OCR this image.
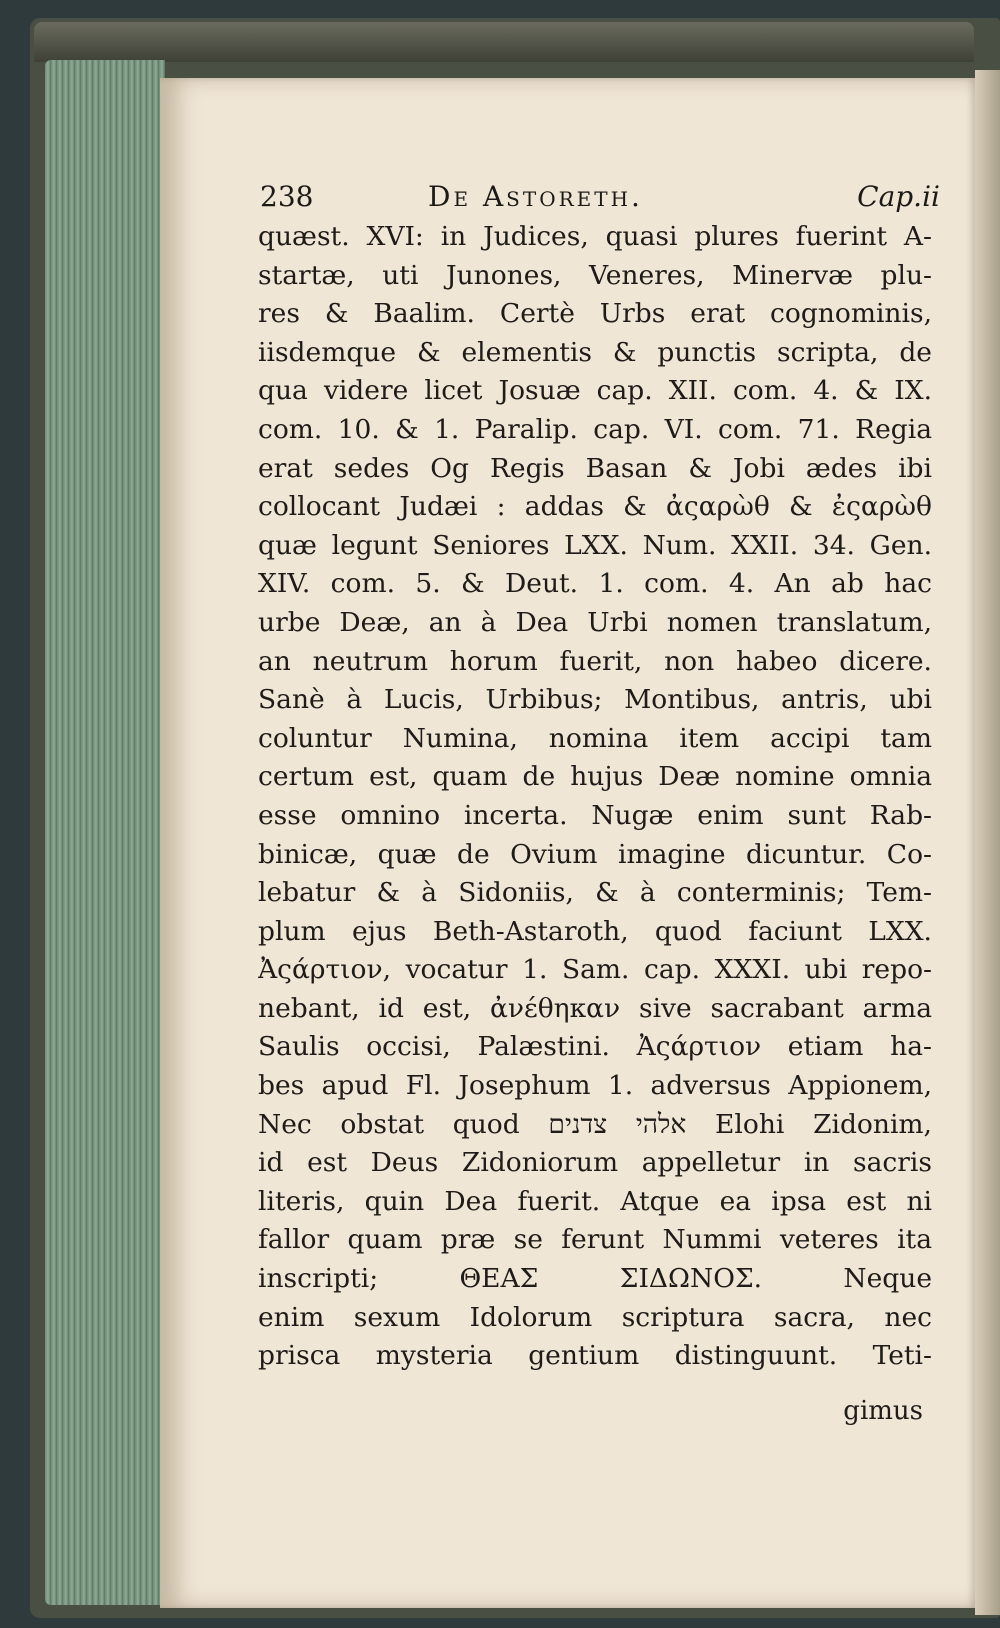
238	De Astoreth.	Cap.ii
quæst. XVI: in Judices, quasi plures fuerint A-
startæ, uti Junones, Veneres, Minervæ plu-
res & Baalim. Certè Urbs erat cognominis,
iisdemque & elementis & punctis scripta, de
qua videre licet Josuæ cap. XII. com. 4. & IX.
com. 10. & 1. Paralip. cap. VI. com. 71. Regia
erat sedes Og Regis Basan & Jobi ædes ibi
collocant Judæi : addas & ἀςαρὼθ & ἐςαρὼθ
quæ legunt Seniores LXX. Num. XXII. 34. Gen.
XIV. com. 5. & Deut. 1. com. 4. An ab hac
urbe Deæ, an à Dea Urbi nomen translatum,
an neutrum horum fuerit, non habeo dicere.
Sanè à Lucis, Urbibus; Montibus, antris, ubi
coluntur Numina, nomina item accipi tam
certum est, quam de hujus Deæ nomine omnia
esse omnino incerta. Nugæ enim sunt Rab-
binicæ, quæ de Ovium imagine dicuntur. Co-
lebatur & à Sidoniis, & à conterminis; Tem-
plum ejus Beth-Astaroth, quod faciunt LXX.
Ἀςάρτιον, vocatur 1. Sam. cap. XXXI. ubi repo-
nebant, id est, ἀνέθηκαν sive sacrabant arma
Saulis occisi, Palæstini. Ἀςάρτιον etiam ha-
bes apud Fl. Josephum 1. adversus Appionem,
Nec obstat quod אלהי צדנים Elohi Zidonim,
id est Deus Zidoniorum appelletur in sacris
literis, quin Dea fuerit. Atque ea ipsa est ni
fallor quam præ se ferunt Nummi veteres ita
inscripti; ΘΕΑΣ ΣΙΔΩΝΟΣ. Neque
enim sexum Idolorum scriptura sacra, nec
prisca mysteria gentium distinguunt. Teti-
gimus
